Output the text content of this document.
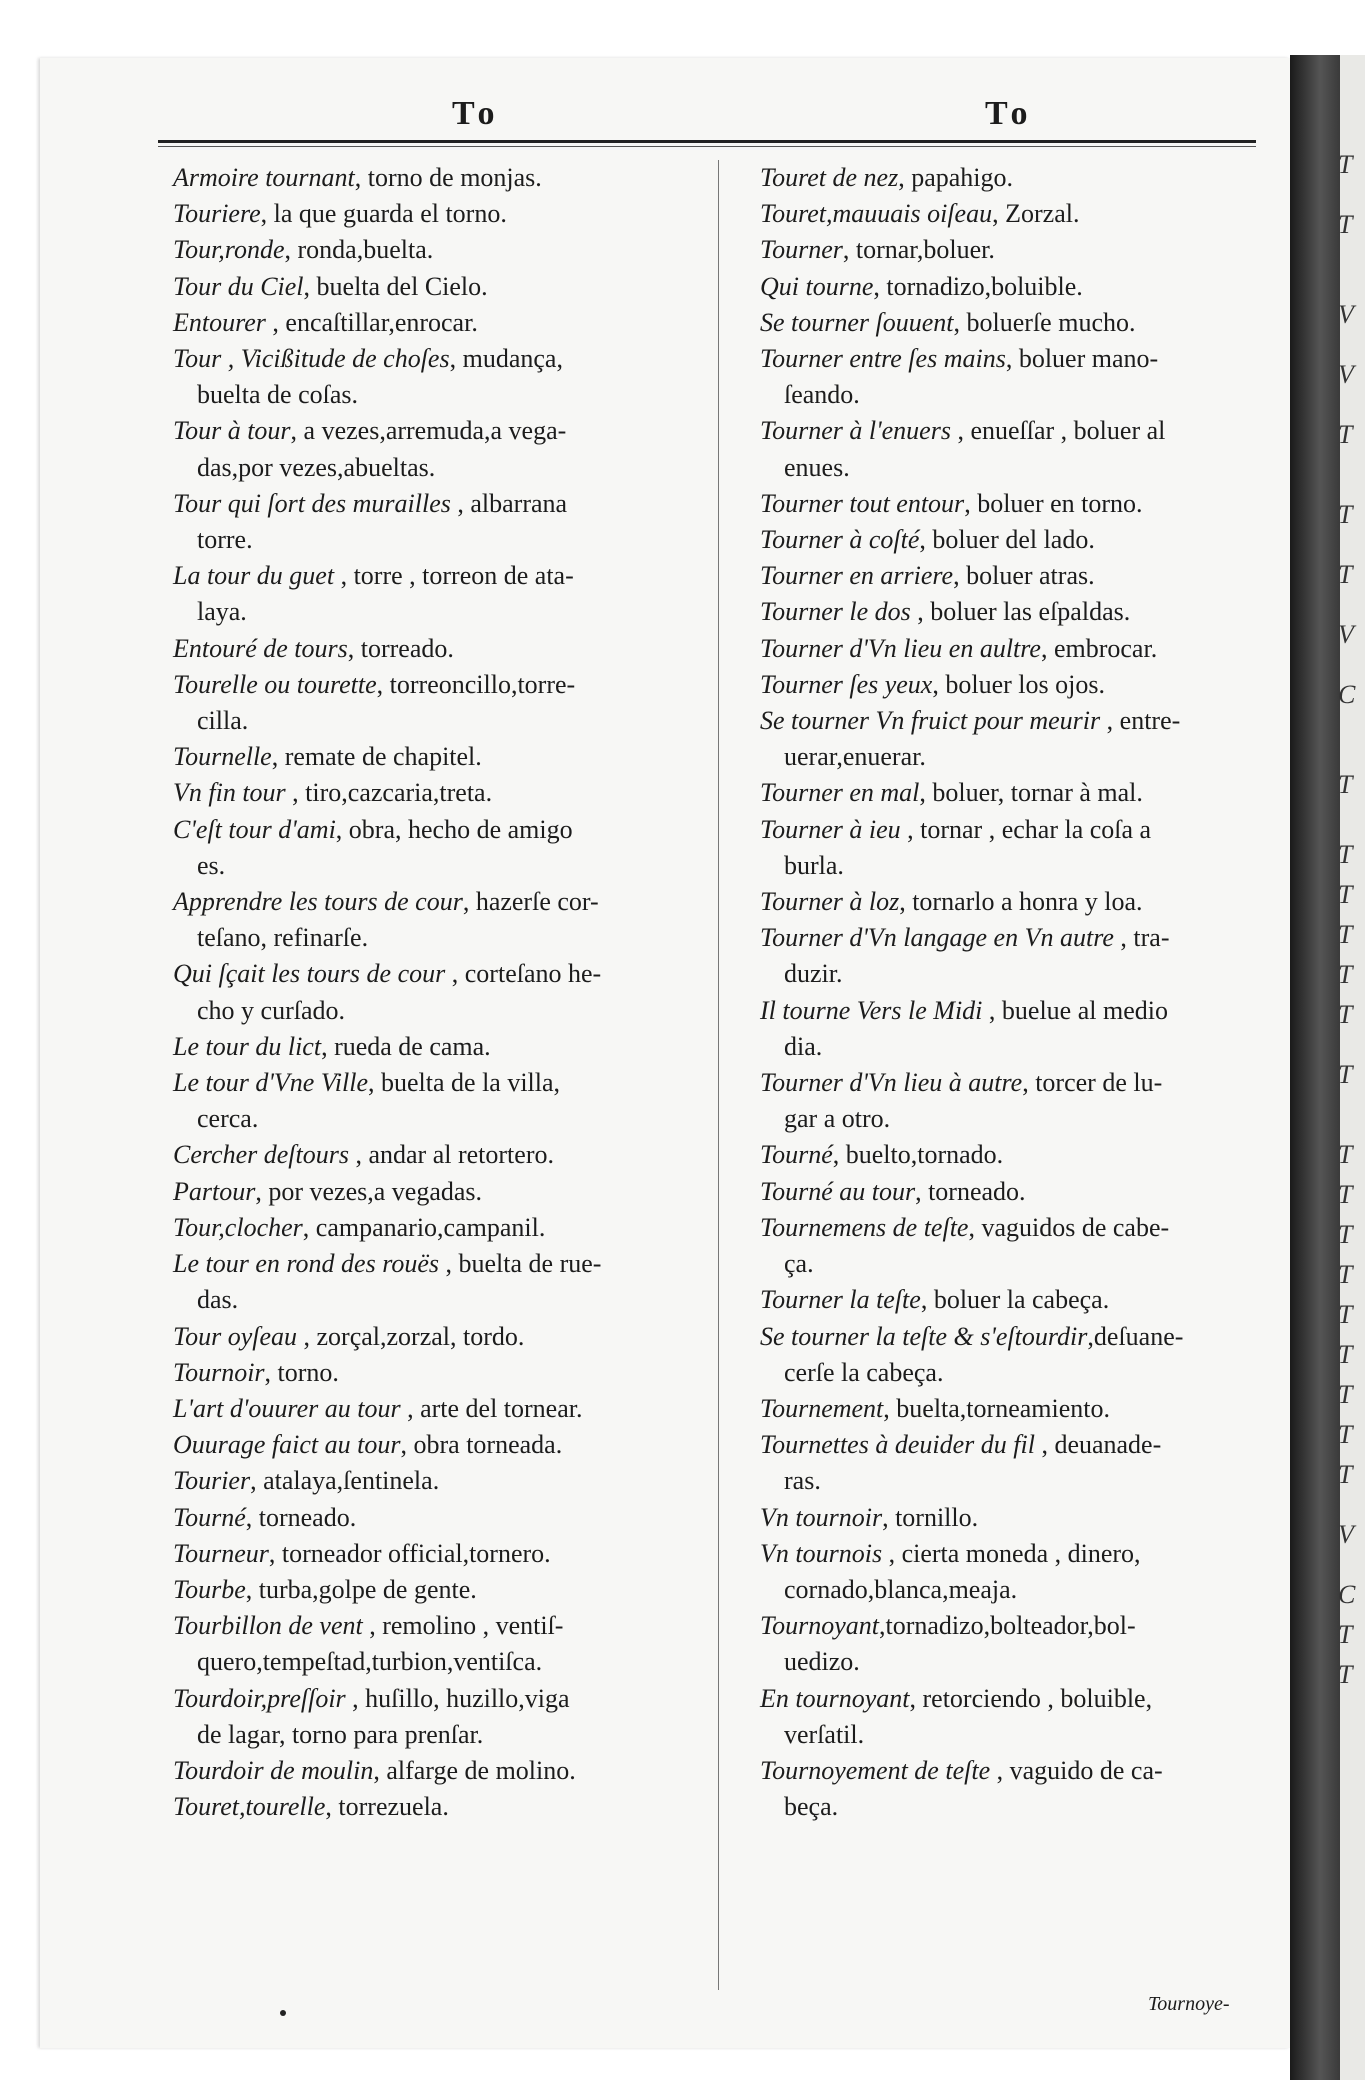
T
T
V
V
T
T
T
V
C
T
T
T
T
T
T
T
T
T
T
T
T
T
T
T
T
V
C
T
T
To	To
Armoire tournant, torno de monjas.
Touriere, la que guarda el torno.
Tour,ronde, ronda,buelta.
Tour du Ciel, buelta del Cielo.
Entourer , encaſtillar,enrocar.
Tour , Vicißitude de choſes, mudança,
buelta de coſas.
Tour à tour, a vezes,arremuda,a vega-
das,por vezes,abueltas.
Tour qui ſort des murailles , albarrana
torre.
La tour du guet , torre , torreon de ata-
laya.
Entouré de tours, torreado.
Tourelle ou tourette, torreoncillo,torre-
cilla.
Tournelle, remate de chapitel.
Vn fin tour , tiro,cazcaria,treta.
C'eſt tour d'ami, obra, hecho de amigo
es.
Apprendre les tours de cour, hazerſe cor-
teſano, refinarſe.
Qui ſçait les tours de cour , corteſano he-
cho y curſado.
Le tour du lict, rueda de cama.
Le tour d'Vne Ville, buelta de la villa,
cerca.
Cercher deſtours , andar al retortero.
Partour, por vezes,a vegadas.
Tour,clocher, campanario,campanil.
Le tour en rond des rouës , buelta de rue-
das.
Tour oyſeau , zorçal,zorzal, tordo.
Tournoir, torno.
L'art d'ouurer au tour , arte del tornear.
Ouurage faict au tour, obra torneada.
Tourier, atalaya,ſentinela.
Tourné, torneado.
Tourneur, torneador official,tornero.
Tourbe, turba,golpe de gente.
Tourbillon de vent , remolino , ventiſ-
quero,tempeſtad,turbion,ventiſca.
Tourdoir,preſſoir , huſillo, huzillo,viga
de lagar, torno para prenſar.
Tourdoir de moulin, alfarge de molino.
Touret,tourelle, torrezuela.
Touret de nez, papahigo.
Touret,mauuais oiſeau, Zorzal.
Tourner, tornar,boluer.
Qui tourne, tornadizo,boluible.
Se tourner ſouuent, boluerſe mucho.
Tourner entre ſes mains, boluer mano-
ſeando.
Tourner à l'enuers , enueſſar , boluer al
enues.
Tourner tout entour, boluer en torno.
Tourner à coſté, boluer del lado.
Tourner en arriere, boluer atras.
Tourner le dos , boluer las eſpaldas.
Tourner d'Vn lieu en aultre, embrocar.
Tourner ſes yeux, boluer los ojos.
Se tourner Vn fruict pour meurir , entre-
uerar,enuerar.
Tourner en mal, boluer, tornar à mal.
Tourner à ieu , tornar , echar la coſa a
burla.
Tourner à loz, tornarlo a honra y loa.
Tourner d'Vn langage en Vn autre , tra-
duzir.
Il tourne Vers le Midi , buelue al medio
dia.
Tourner d'Vn lieu à autre, torcer de lu-
gar a otro.
Tourné, buelto,tornado.
Tourné au tour, torneado.
Tournemens de teſte, vaguidos de cabe-
ça.
Tourner la teſte, boluer la cabeça.
Se tourner la teſte & s'eſtourdir,deſuane-
cerſe la cabeça.
Tournement, buelta,torneamiento.
Tournettes à deuider du fil , deuanade-
ras.
Vn tournoir, tornillo.
Vn tournois , cierta moneda , dinero,
cornado,blanca,meaja.
Tournoyant,tornadizo,bolteador,bol-
uedizo.
En tournoyant, retorciendo , boluible,
verſatil.
Tournoyement de teſte , vaguido de ca-
beça.
Tournoye-
